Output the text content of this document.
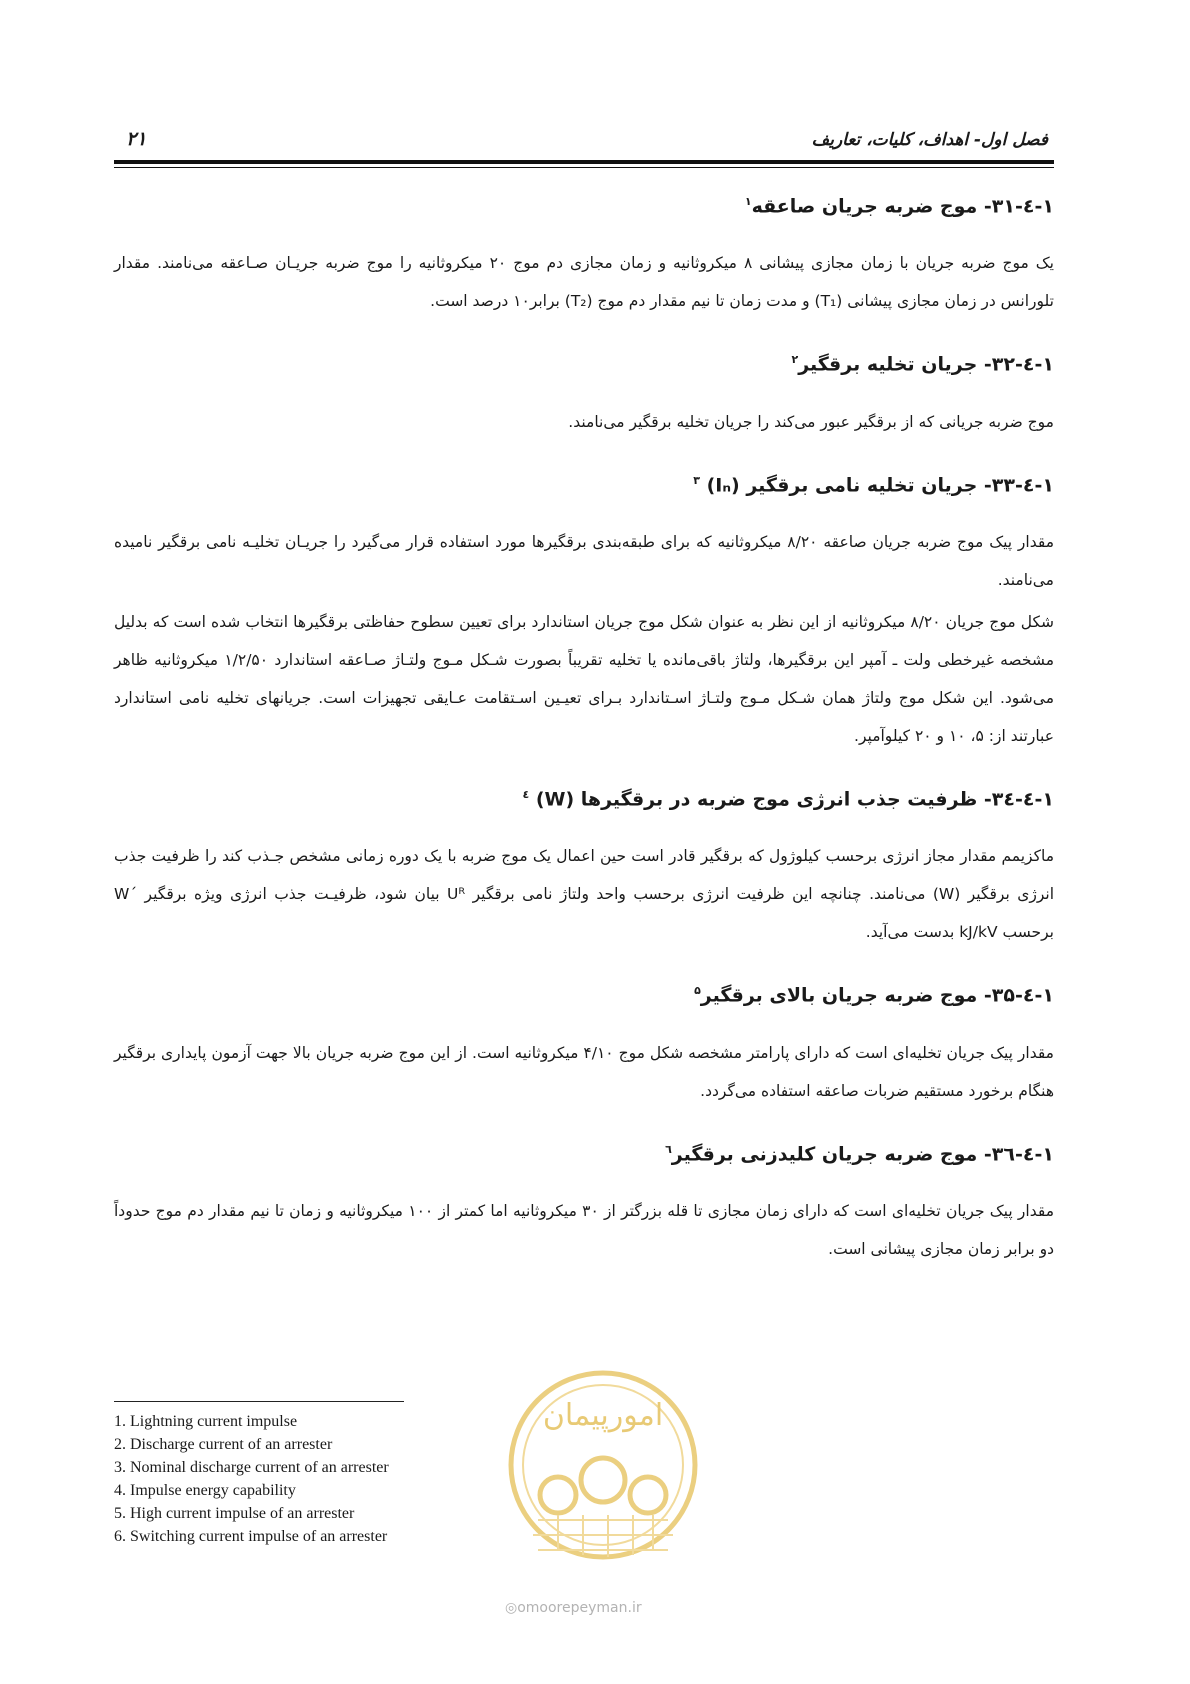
۲۱	فصل اول- اهداف، کلیات، تعاریف
۱-٤-۳۱- موج ضربه جریان صاعقه$^۱$

یک موج ضربه جریان با زمان مجازی پیشانی ۸ میکروثانیه و زمان مجازی دم موج ۲۰ میکروثانیه را موج ضربه جریـان صـاعقه می‌نامند. مقدار تلورانس در زمان مجازی پیشانی (T₁) و مدت زمان تا نیم مقدار دم موج (T₂) برابر۱۰ درصد است.

۱-٤-۳۲- جریان تخلیه برقگیر$^۲$

موج ضربه جریانی که از برقگیر عبور می‌کند را جریان تخلیه برقگیر می‌نامند.

۱-٤-۳۳- جریان تخلیه نامی برقگیر (Iₙ) $^۳$

مقدار پیک موج ضربه جریان صاعقه ۸/۲۰ میکروثانیه که برای طبقه‌بندی برقگیرها مورد استفاده قرار می‌گیرد را جریـان تخلیـه نامی برقگیر نامیده می‌نامند.

شکل موج جریان ۸/۲۰ میکروثانیه از این نظر به عنوان شکل موج جریان استاندارد برای تعیین سطوح حفاظتی برقگیرها انتخاب شده است که بدلیل مشخصه غیرخطی ولت ـ آمپر این برقگیرها، ولتاژ باقی‌مانده یا تخلیه تقریباً بصورت شـکل مـوج ولتـاژ صـاعقه استاندارد ۱/۲/۵۰ میکروثانیه ظاهر می‌شود. این شکل موج ولتاژ همان شـکل مـوج ولتـاژ اسـتاندارد بـرای تعیـین اسـتقامت عـایقی تجهیزات است. جریانهای تخلیه نامی استاندارد عبارتند از: ۵، ۱۰ و ۲۰ کیلوآمپر.

۱-٤-۳٤- ظرفیت جذب انرژی موج ضربه در برقگیرها (W) $^٤$

ماکزیمم مقدار مجاز انرژی برحسب کیلوژول که برقگیر قادر است حین اعمال یک موج ضربه با یک دوره زمانی مشخص جـذب کند را ظرفیت جذب انرژی برقگیر (W) می‌نامند. چنانچه این ظرفیت انرژی برحسب واحد ولتاژ نامی برقگیر Uᴿ بیان شود، ظرفیـت جذب انرژی ویژه برقگیر ´W برحسب kJ/kV بدست می‌آید.

۱-٤-۳۵- موج ضربه جریان بالای برقگیر$^۵$

مقدار پیک جریان تخلیه‌ای است که دارای پارامتر مشخصه شکل موج ۴/۱۰ میکروثانیه است. از این موج ضربه جریان بالا جهت آزمون پایداری برقگیر هنگام برخورد مستقیم ضربات صاعقه استفاده می‌گردد.

۱-٤-۳٦- موج ضربه جریان کلیدزنی برقگیر$^٦$

مقدار پیک جریان تخلیه‌ای است که دارای زمان مجازی تا قله بزرگتر از ۳۰ میکروثانیه اما کمتر از ۱۰۰ میکروثانیه و زمان تا نیم مقدار دم موج حدوداً دو برابر زمان مجازی پیشانی است.

امورپیمان
◎omoorepeyman.ir
1. Lightning current impulse
2. Discharge current of an arrester
3. Nominal discharge current of an arrester
4. Impulse energy capability
5. High current impulse of an arrester
6. Switching current impulse of an arrester
